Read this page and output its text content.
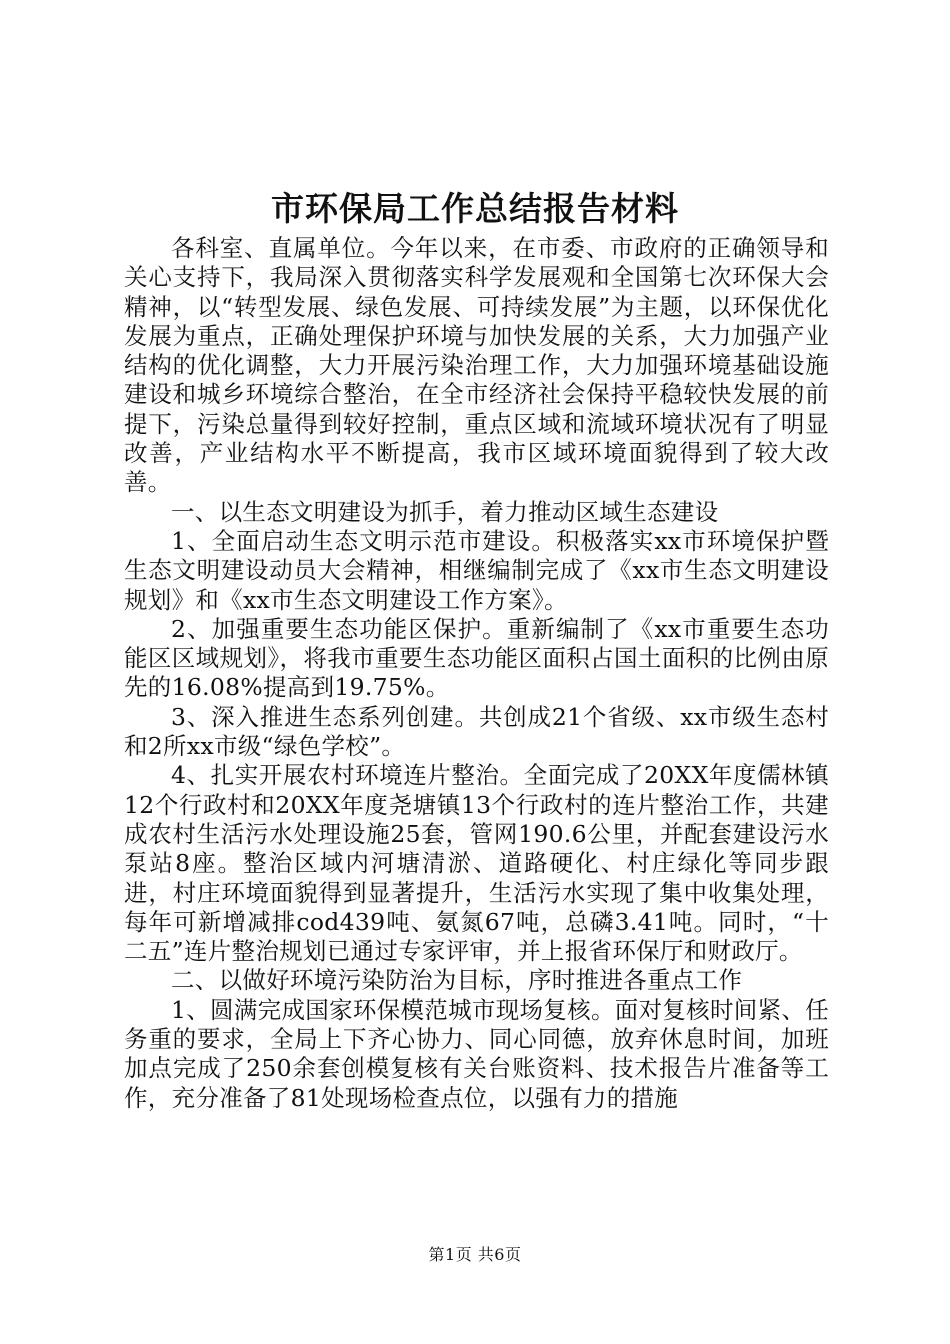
市环保局工作总结报告材料

各科室、直属单位。今年以来，在市委、市政府的正确领导和关心支持下，我局深入贯彻落实科学发展观和全国第七次环保大会精神，以“转型发展、绿色发展、可持续发展”为主题，以环保优化发展为重点，正确处理保护环境与加快发展的关系，大力加强产业结构的优化调整，大力开展污染治理工作，大力加强环境基础设施建设和城乡环境综合整治，在全市经济社会保持平稳较快发展的前提下，污染总量得到较好控制，重点区域和流域环境状况有了明显改善，产业结构水平不断提高，我市区域环境面貌得到了较大改善。

一、以生态文明建设为抓手，着力推动区域生态建设

1、全面启动生态文明示范市建设。积极落实xx市环境保护暨生态文明建设动员大会精神，相继编制完成了《xx市生态文明建设规划》和《xx市生态文明建设工作方案》。

2、加强重要生态功能区保护。重新编制了《xx市重要生态功能区区域规划》，将我市重要生态功能区面积占国土面积的比例由原先的16.08%提高到19.75%。

3、深入推进生态系列创建。共创成21个省级、xx市级生态村和2所xx市级“绿色学校”。

4、扎实开展农村环境连片整治。全面完成了20XX年度儒林镇12个行政村和20XX年度尧塘镇13个行政村的连片整治工作，共建成农村生活污水处理设施25套，管网190.6公里，并配套建设污水泵站8座。整治区域内河塘清淤、道路硬化、村庄绿化等同步跟进，村庄环境面貌得到显著提升，生活污水实现了集中收集处理，每年可新增减排cod439吨、氨氮67吨，总磷3.41吨。同时，“十二五”连片整治规划已通过专家评审，并上报省环保厅和财政厅。

二、以做好环境污染防治为目标，序时推进各重点工作

1、圆满完成国家环保模范城市现场复核。面对复核时间紧、任务重的要求，全局上下齐心协力、同心同德，放弃休息时间，加班加点完成了250余套创模复核有关台账资料、技术报告片准备等工作，充分准备了81处现场检查点位，以强有力的措施

第1页 共6页
